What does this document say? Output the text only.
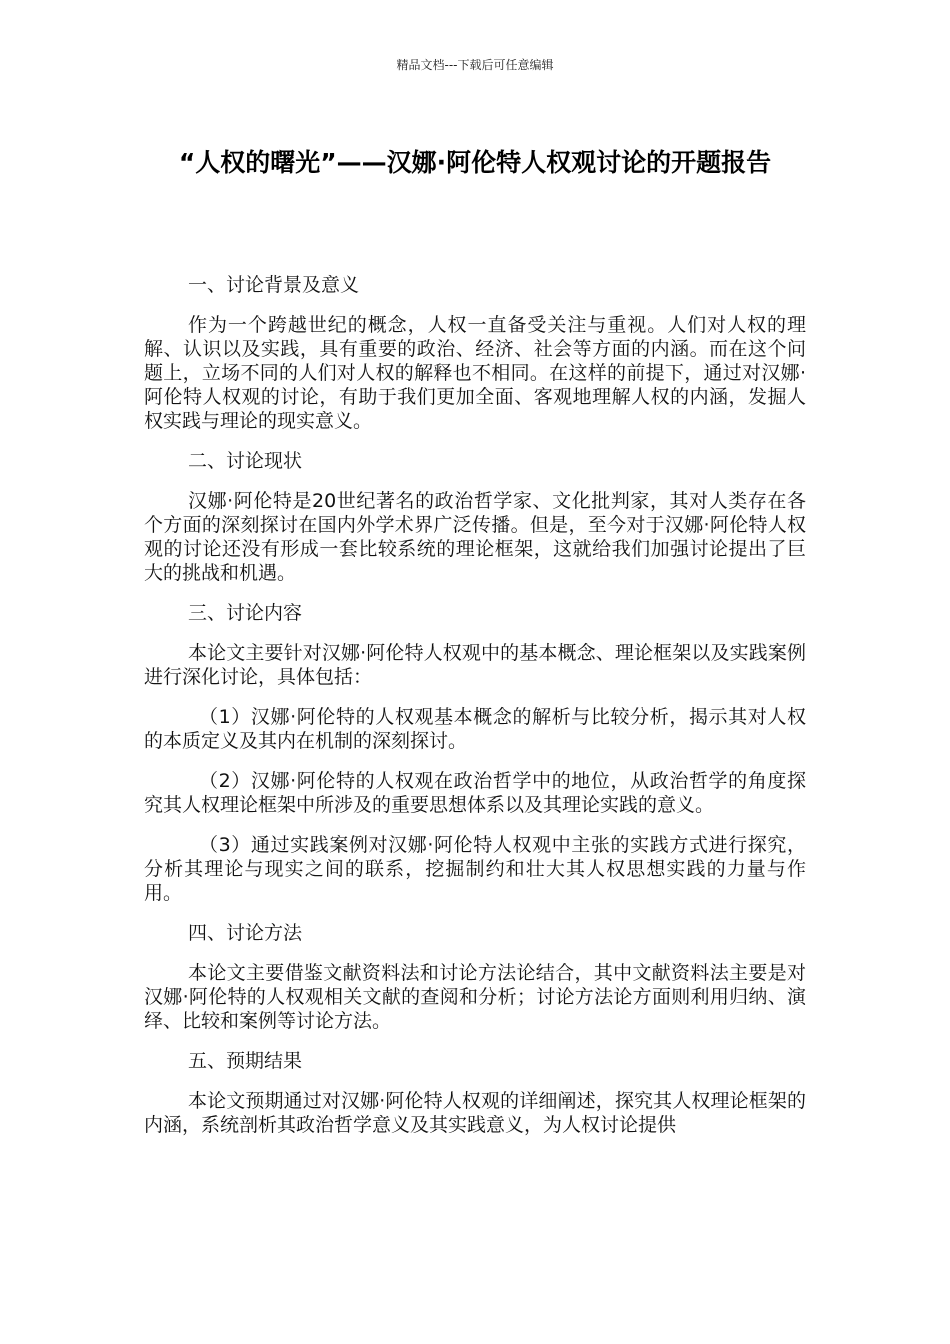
精品文档---下载后可任意编辑
“人权的曙光”——汉娜·阿伦特人权观讨论的开题报告
一、讨论背景及意义

作为一个跨越世纪的概念，人权一直备受关注与重视。人们对人权的理解、认识以及实践，具有重要的政治、经济、社会等方面的内涵。而在这个问题上，立场不同的人们对人权的解释也不相同。在这样的前提下，通过对汉娜·阿伦特人权观的讨论，有助于我们更加全面、客观地理解人权的内涵，发掘人权实践与理论的现实意义。

二、讨论现状

汉娜·阿伦特是20世纪著名的政治哲学家、文化批判家，其对人类存在各个方面的深刻探讨在国内外学术界广泛传播。但是，至今对于汉娜·阿伦特人权观的讨论还没有形成一套比较系统的理论框架，这就给我们加强讨论提出了巨大的挑战和机遇。

三、讨论内容

本论文主要针对汉娜·阿伦特人权观中的基本概念、理论框架以及实践案例进行深化讨论，具体包括：

（1）汉娜·阿伦特的人权观基本概念的解析与比较分析，揭示其对人权的本质定义及其内在机制的深刻探讨。

（2）汉娜·阿伦特的人权观在政治哲学中的地位，从政治哲学的角度探究其人权理论框架中所涉及的重要思想体系以及其理论实践的意义。

（3）通过实践案例对汉娜·阿伦特人权观中主张的实践方式进行探究，分析其理论与现实之间的联系，挖掘制约和壮大其人权思想实践的力量与作用。

四、讨论方法

本论文主要借鉴文献资料法和讨论方法论结合，其中文献资料法主要是对汉娜·阿伦特的人权观相关文献的查阅和分析；讨论方法论方面则利用归纳、演绎、比较和案例等讨论方法。

五、预期结果

本论文预期通过对汉娜·阿伦特人权观的详细阐述，探究其人权理论框架的内涵，系统剖析其政治哲学意义及其实践意义，为人权讨论提供
